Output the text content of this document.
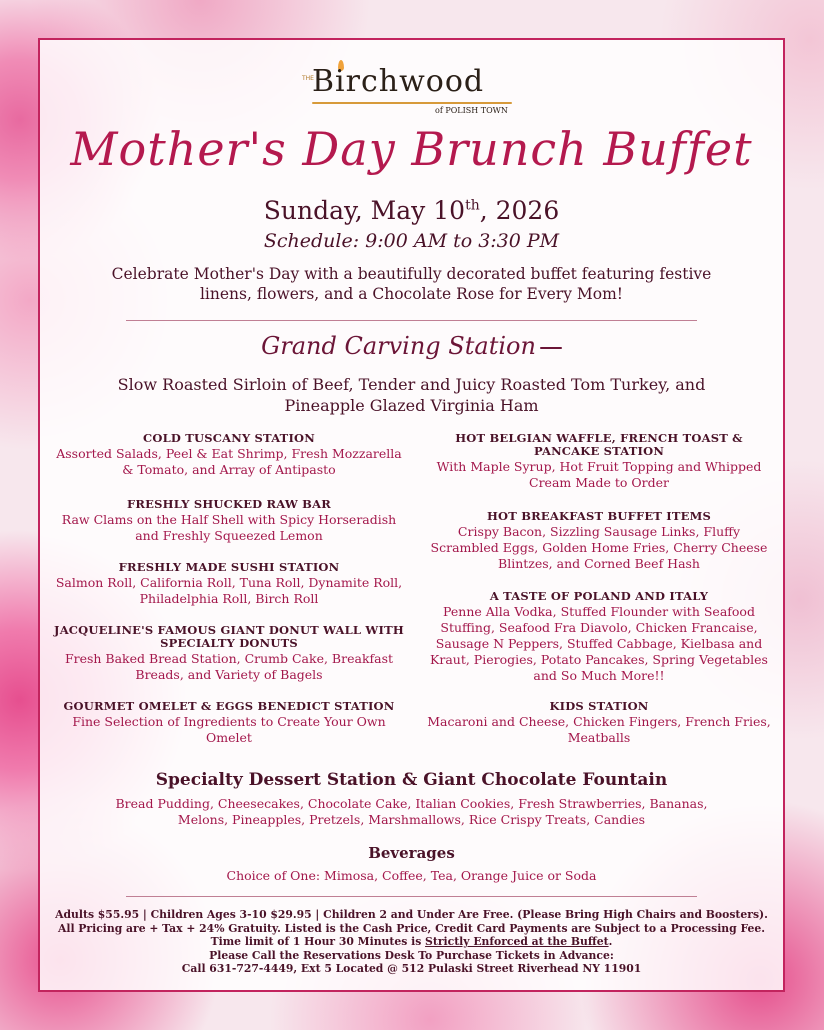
THE
Birchwood
of POLISH TOWN
Mother's Day Brunch Buffet
Sunday, May 10th, 2026
Schedule: 9:00 AM to 3:30 PM
Celebrate Mother's Day with a beautifully decorated buffet featuring festive linens, flowers, and a Chocolate Rose for Every Mom!
Grand Carving Station
Slow Roasted Sirloin of Beef, Tender and Juicy Roasted Tom Turkey, and Pineapple Glazed Virginia Ham
COLD TUSCANY STATION
Assorted Salads, Peel & Eat Shrimp, Fresh Mozzarella & Tomato, and Array of Antipasto
FRESHLY SHUCKED RAW BAR
Raw Clams on the Half Shell with Spicy Horseradish and Freshly Squeezed Lemon
FRESHLY MADE SUSHI STATION
Salmon Roll, California Roll, Tuna Roll, Dynamite Roll, Philadelphia Roll, Birch Roll
JACQUELINE'S FAMOUS GIANT DONUT WALL WITH SPECIALTY DONUTS
Fresh Baked Bread Station, Crumb Cake, Breakfast Breads, and Variety of Bagels
GOURMET OMELET & EGGS BENEDICT STATION
Fine Selection of Ingredients to Create Your Own Omelet
HOT BELGIAN WAFFLE, FRENCH TOAST & PANCAKE STATION
With Maple Syrup, Hot Fruit Topping and Whipped Cream Made to Order
HOT BREAKFAST BUFFET ITEMS
Crispy Bacon, Sizzling Sausage Links, Fluffy Scrambled Eggs, Golden Home Fries, Cherry Cheese Blintzes, and Corned Beef Hash
A TASTE OF POLAND AND ITALY
Penne Alla Vodka, Stuffed Flounder with Seafood Stuffing, Seafood Fra Diavolo, Chicken Francaise, Sausage N Peppers, Stuffed Cabbage, Kielbasa and Kraut, Pierogies, Potato Pancakes, Spring Vegetables and So Much More!!
KIDS STATION
Macaroni and Cheese, Chicken Fingers, French Fries, Meatballs
Specialty Dessert Station & Giant Chocolate Fountain
Bread Pudding, Cheesecakes, Chocolate Cake, Italian Cookies, Fresh Strawberries, Bananas, Melons, Pineapples, Pretzels, Marshmallows, Rice Crispy Treats, Candies
Beverages
Choice of One: Mimosa, Coffee, Tea, Orange Juice or Soda
Adults $55.95 | Children Ages 3-10 $29.95 | Children 2 and Under Are Free. (Please Bring High Chairs and Boosters).
All Pricing are + Tax + 24% Gratuity. Listed is the Cash Price, Credit Card Payments are Subject to a Processing Fee.
Time limit of 1 Hour 30 Minutes is Strictly Enforced at the Buffet.
Please Call the Reservations Desk To Purchase Tickets in Advance:
Call 631-727-4449, Ext 5 Located @ 512 Pulaski Street Riverhead NY 11901
